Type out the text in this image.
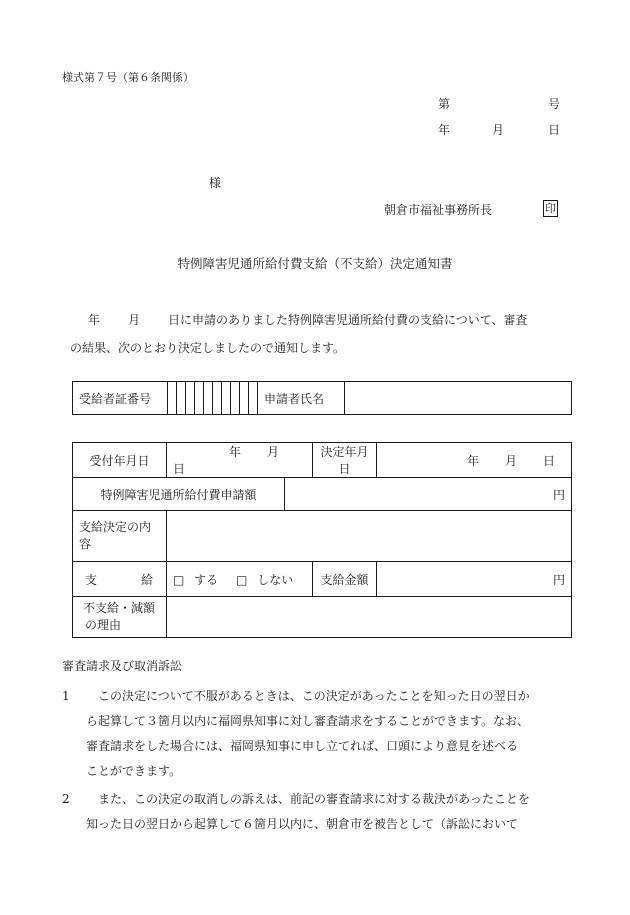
様式第７号（第６条関係）
第	号
年	月	日
様
朝倉市福祉事務所長	印
特例障害児通所給付費支給（不支給）決定通知書
年 月 日に申請のありました特例障害児通所給付費の支給について、審査
の結果、次のとおり決定しましたので通知します。
受給者証番号											申請者氏名	
受付年月日	年 月日		決定年月日	年 月 日
特例障害児通所給付費申請額		円		
支給決定の内容				
支 給	□ する □ しない		支給金額	円

不支給・減額
の理由				

審査請求及び取消訴訟
1	この決定について不服があるときは、この決定があったことを知った日の翌日か
ら起算して３箇月以内に福岡県知事に対し審査請求をすることができます。なお、
審査請求をした場合には、福岡県知事に申し立てれば、口頭により意見を述べる
ことができます。
2	また、この決定の取消しの訴えは、前記の審査請求に対する裁決があったことを
知った日の翌日から起算して６箇月以内に、朝倉市を被告として（訴訟において
